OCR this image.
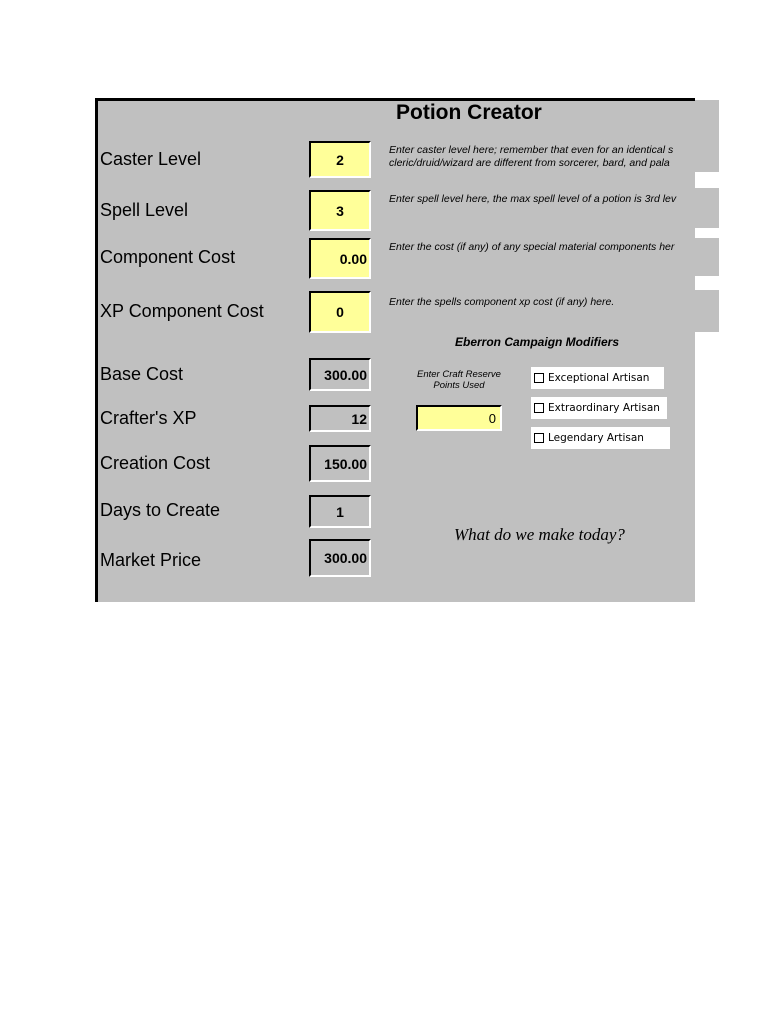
Potion Creator
Caster Level	2
Enter caster level here; remember that even for an identical s
cleric/druid/wizard are different from sorcerer, bard, and pala
Spell Level	3
Enter spell level here, the max spell level of a potion is 3rd lev
Component Cost	0.00
Enter the cost (if any) of any special material components her
XP Component Cost	0
Enter the spells component xp cost (if any) here.
Eberron Campaign Modifiers
Enter Craft Reserve Points Used
0
Exceptional Artisan
Extraordinary Artisan
Legendary Artisan
Base Cost	300.00
Crafter's XP	12
Creation Cost	150.00
Days to Create	1
Market Price	300.00
What do we make today?
